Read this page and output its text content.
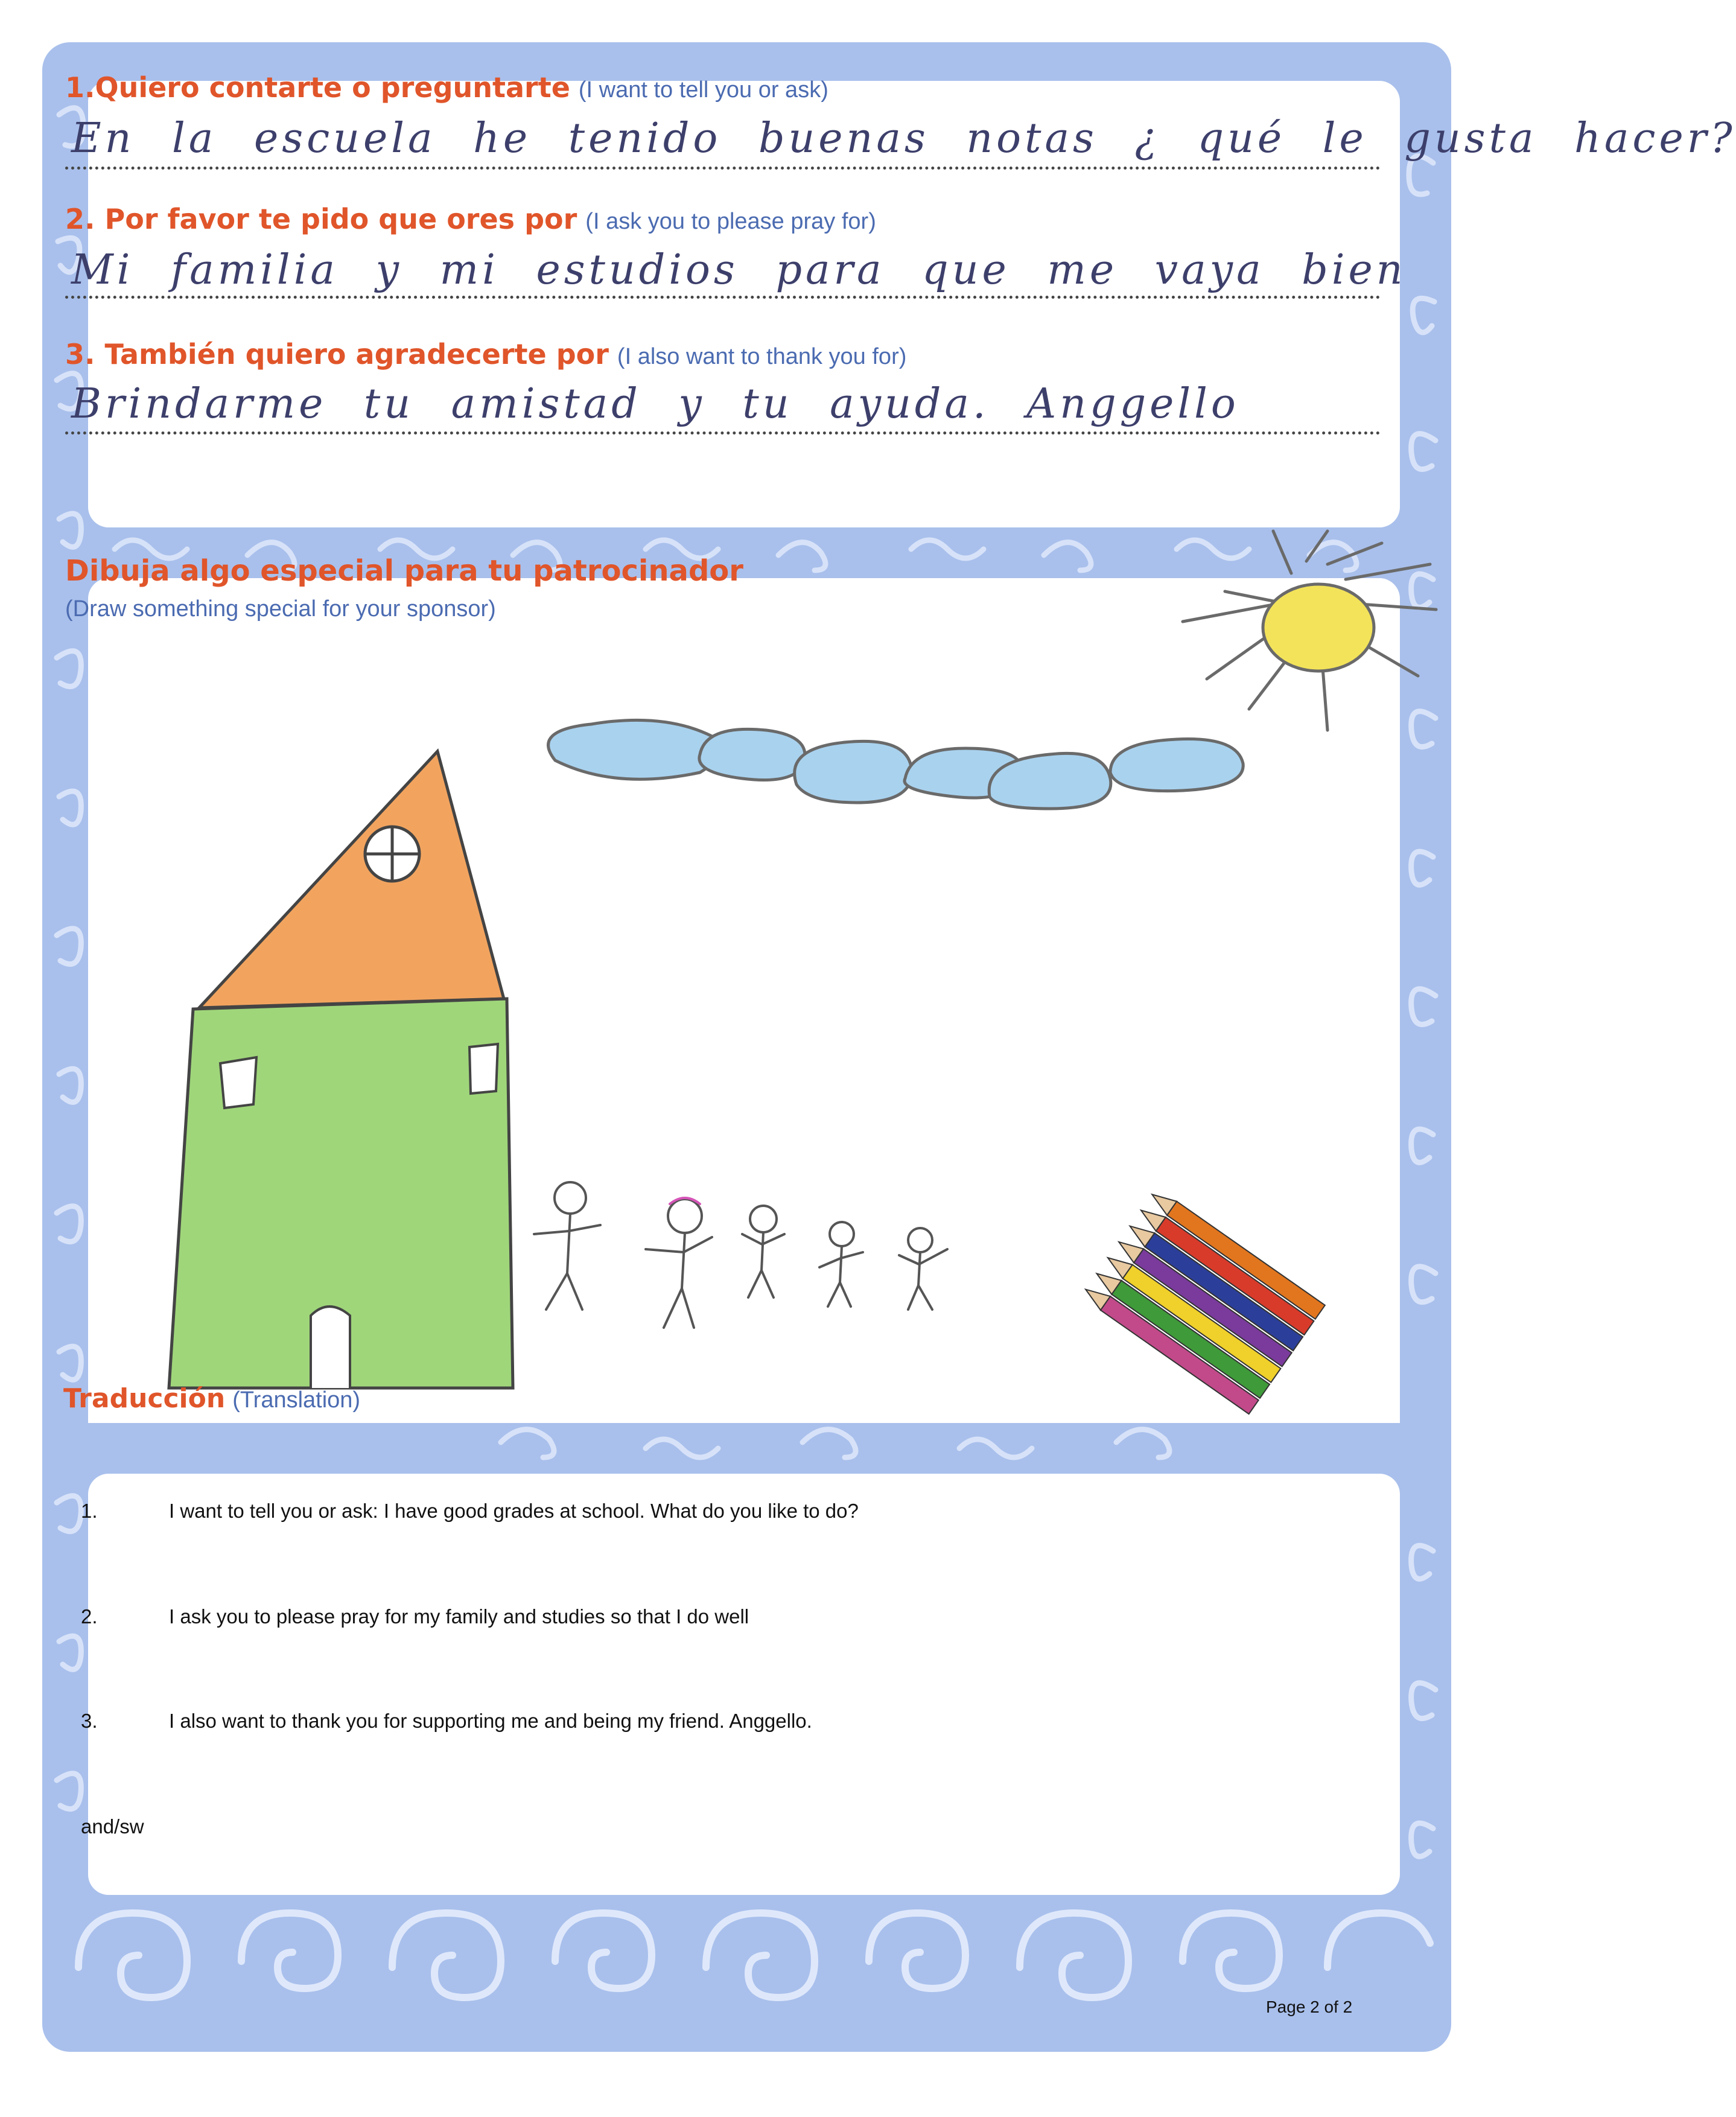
1.Quiero contarte o preguntarte (I want to tell you or ask)
En la escuela he tenido buenas notas ¿ qué le gusta hacer?
2. Por favor te pido que ores por (I ask you to please pray for)
Mi familia y mi estudios para que me vaya bien
3. También quiero agradecerte por (I also want to thank you for)
Brindarme tu amistad y tu ayuda. Anggello
Dibuja algo especial para tu patrocinador
(Draw something special for your sponsor)
Traducción (Translation)
1.	I want to tell you or ask: I have good grades at school. What do you like to do?
2.	I ask you to please pray for my family and studies so that I do well
3.	I also want to thank you for supporting me and being my friend. Anggello.
and/sw
Page 2 of 2
